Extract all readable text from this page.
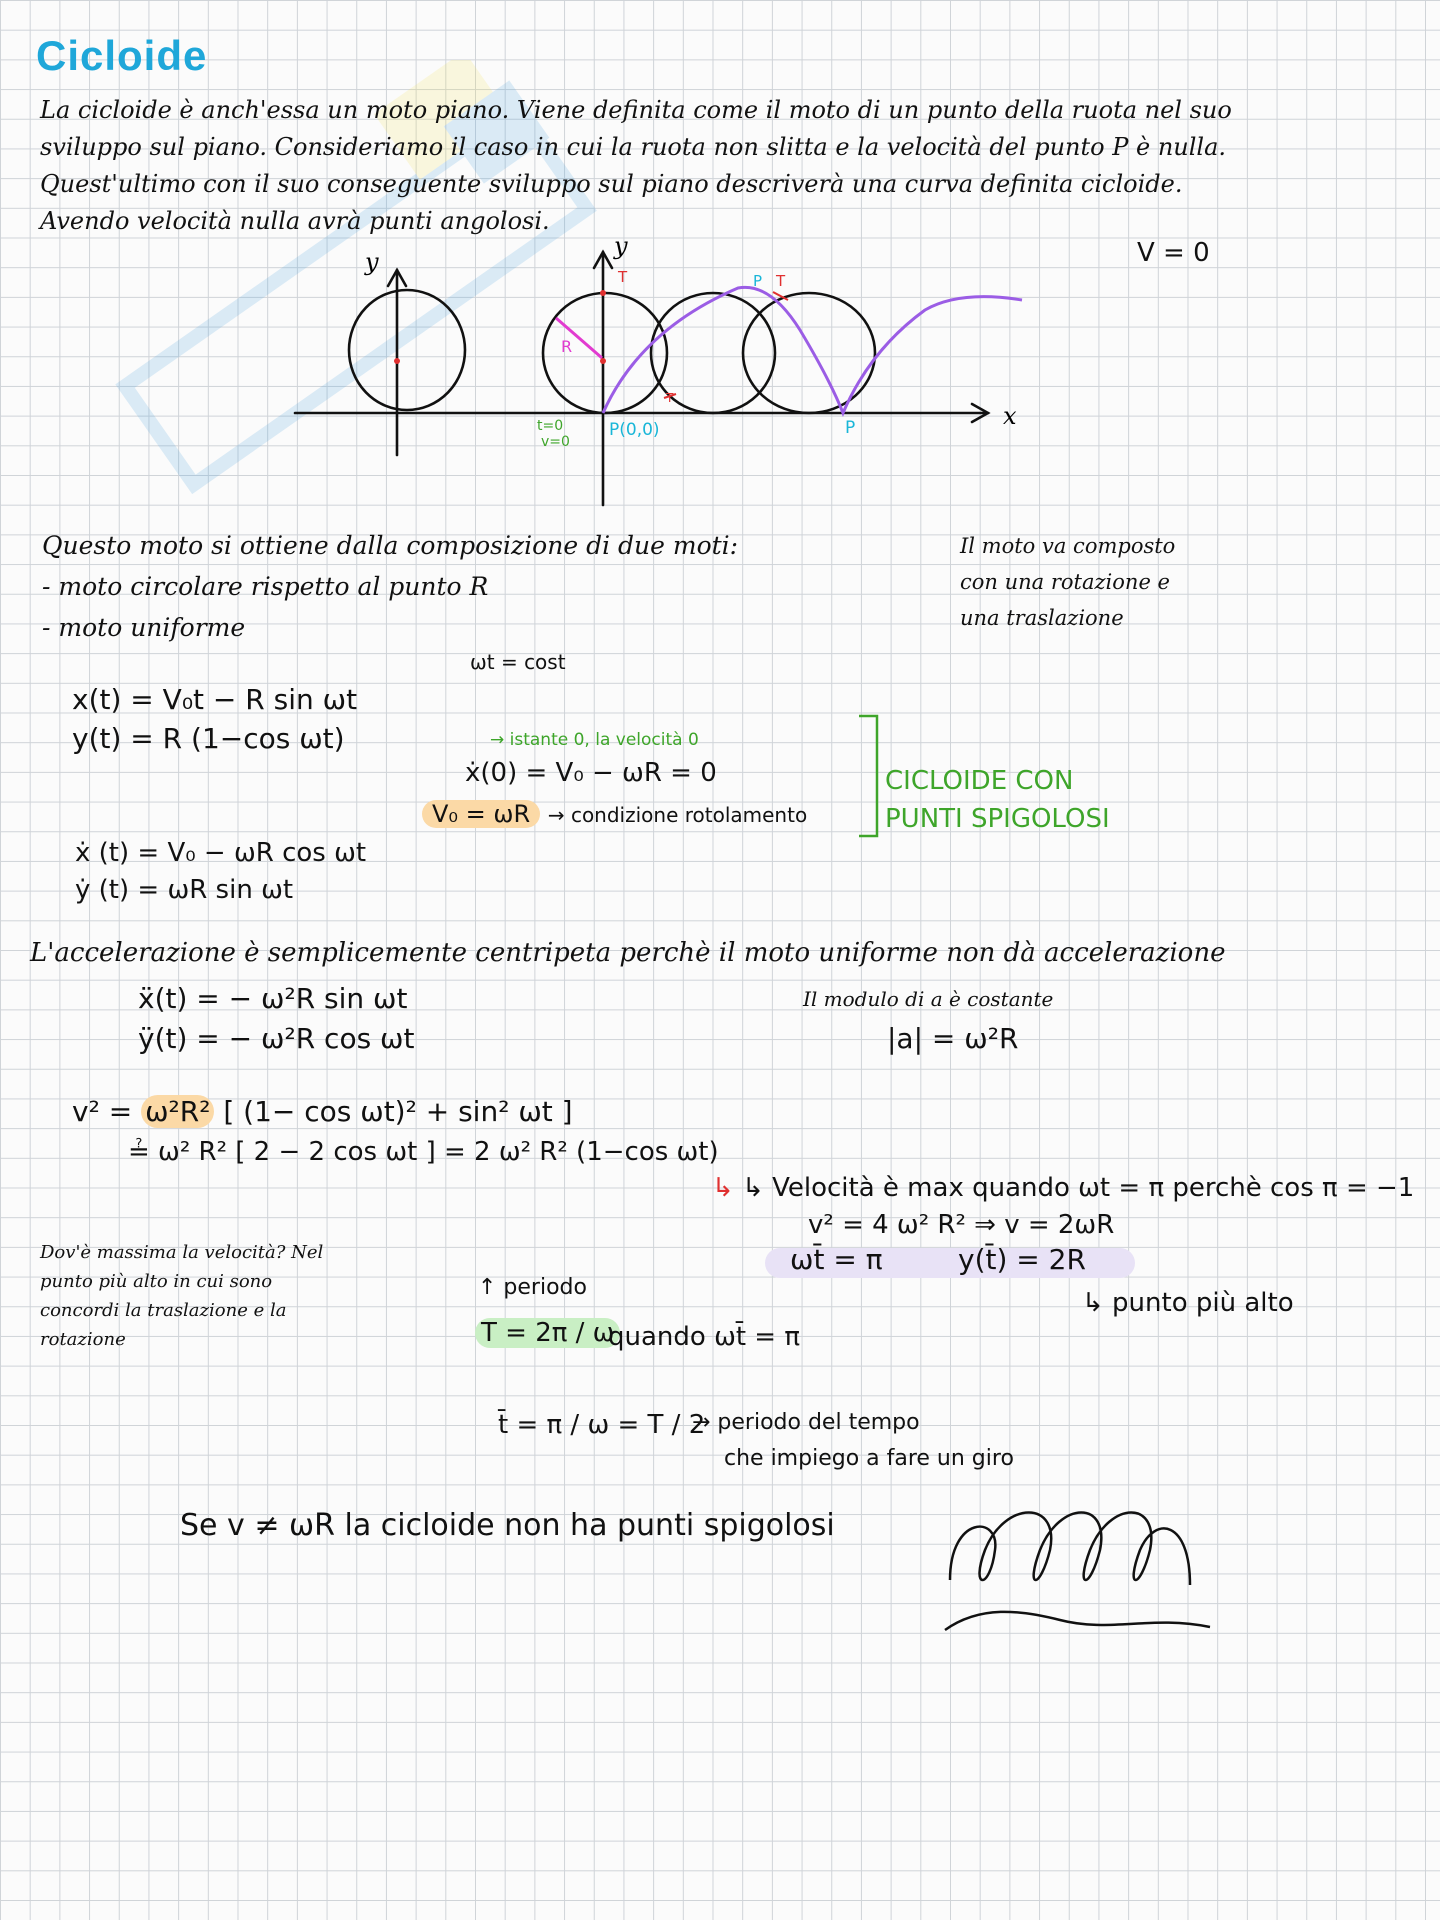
Cicloide
La cicloide è anch'essa un moto piano. Viene definita come il moto di un punto della ruota nel suo
sviluppo sul piano. Consideriamo il caso in cui la ruota non slitta e la velocità del punto P è nulla.
Quest'ultimo con il suo conseguente sviluppo sul piano descriverà una curva definita cicloide.
Avendo velocità nulla avrà punti angolosi.
y
y
x
R
T
T
T
P
P(0,0)	P
t=0
v=0
V = 0
Questo moto si ottiene dalla composizione di due moti:
- moto circolare rispetto al punto R
- moto uniforme
Il moto va composto
con una rotazione e
una traslazione
ωt = cost
x(t) = V₀t − R sin ωt
y(t) = R (1−cos ωt)	→ istante 0, la velocità 0
ẋ(0) = V₀ − ωR = 0
V₀ = ωR → condizione rotolamento
CICLOIDE CON
PUNTI SPIGOLOSI
ẋ (t) = V₀ − ωR cos ωt
ẏ (t) = ωR sin ωt
L'accelerazione è semplicemente centripeta perchè il moto uniforme non dà accelerazione
ẍ(t) = − ω²R sin ωt
ÿ(t) = − ω²R cos ωt
Il modulo di a è costante
|a| = ω²R
v² = ω²R² [ (1− cos ωt)² + sin² ωt ]
≟ ω² R² [ 2 − 2 cos ωt ] = 2 ω² R² (1−cos ωt)
↳ ↳ Velocità è max quando ωt = π perchè cos π = −1
v² = 4 ω² R² ⇒ v = 2ωR
ωt̄ = π	y(t̄) = 2R
↳ punto più alto
Dov'è massima la velocità? Nel
punto più alto in cui sono
concordi la traslazione e la
rotazione
↑ periodo
T = 2π / ω
quando ωt̄ = π
t̄ = π / ω = T / 2
→ periodo del tempo
che impiego a fare un giro
Se v ≠ ωR la cicloide non ha punti spigolosi
